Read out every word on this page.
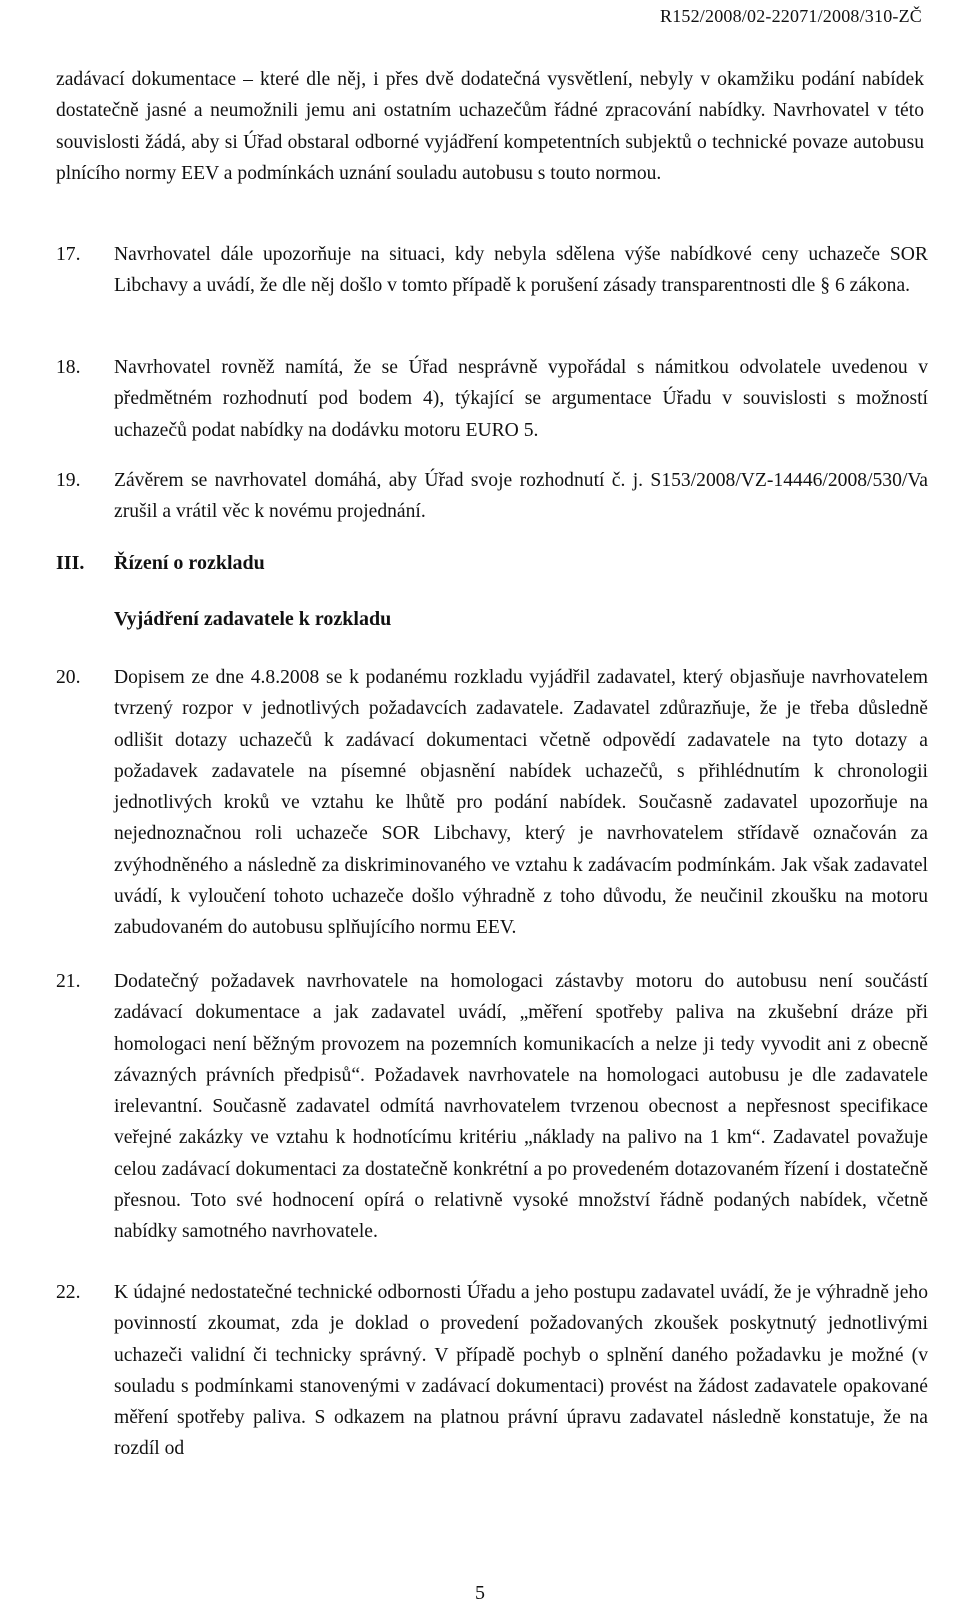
R152/2008/02-22071/2008/310-ZČ
zadávací dokumentace – které dle něj, i přes dvě dodatečná vysvětlení, nebyly v okamžiku podání nabídek dostatečně jasné a neumožnili jemu ani ostatním uchazečům řádné zpracování nabídky. Navrhovatel v této souvislosti žádá, aby si Úřad obstaral odborné vyjádření kompetentních subjektů o technické povaze autobusu plnícího normy EEV a podmínkách uznání souladu autobusu s touto normou.
17. Navrhovatel dále upozorňuje na situaci, kdy nebyla sdělena výše nabídkové ceny uchazeče SOR Libchavy a uvádí, že dle něj došlo v tomto případě k porušení zásady transparentnosti dle § 6 zákona.
18. Navrhovatel rovněž namítá, že se Úřad nesprávně vypořádal s námitkou odvolatele uvedenou v předmětném rozhodnutí pod bodem 4), týkající se argumentace Úřadu v souvislosti s možností uchazečů podat nabídky na dodávku motoru EURO 5.
19. Závěrem se navrhovatel domáhá, aby Úřad svoje rozhodnutí č. j. S153/2008/VZ-14446/2008/530/Va zrušil a vrátil věc k novému projednání.
III. Řízení o rozkladu
Vyjádření zadavatele k rozkladu
20. Dopisem ze dne 4.8.2008 se k podanému rozkladu vyjádřil zadavatel, který objasňuje navrhovatelem tvrzený rozpor v jednotlivých požadavcích zadavatele. Zadavatel zdůrazňuje, že je třeba důsledně odlišit dotazy uchazečů k zadávací dokumentaci včetně odpovědí zadavatele na tyto dotazy a požadavek zadavatele na písemné objasnění nabídek uchazečů, s přihlédnutím k chronologii jednotlivých kroků ve vztahu ke lhůtě pro podání nabídek. Současně zadavatel upozorňuje na nejednoznačnou roli uchazeče SOR Libchavy, který je navrhovatelem střídavě označován za zvýhodněného a následně za diskriminovaného ve vztahu k zadávacím podmínkám. Jak však zadavatel uvádí, k vyloučení tohoto uchazeče došlo výhradně z toho důvodu, že neučinil zkoušku na motoru zabudovaném do autobusu splňujícího normu EEV.
21. Dodatečný požadavek navrhovatele na homologaci zástavby motoru do autobusu není součástí zadávací dokumentace a jak zadavatel uvádí, „měření spotřeby paliva na zkušební dráze při homologaci není běžným provozem na pozemních komunikacích a nelze ji tedy vyvodit ani z obecně závazných právních předpisů“. Požadavek navrhovatele na homologaci autobusu je dle zadavatele irelevantní. Současně zadavatel odmítá navrhovatelem tvrzenou obecnost a nepřesnost specifikace veřejné zakázky ve vztahu k hodnotícímu kritériu „náklady na palivo na 1 km“. Zadavatel považuje celou zadávací dokumentaci za dostatečně konkrétní a po provedeném dotazovaném řízení i dostatečně přesnou. Toto své hodnocení opírá o relativně vysoké množství řádně podaných nabídek, včetně nabídky samotného navrhovatele.
22. K údajné nedostatečné technické odbornosti Úřadu a jeho postupu zadavatel uvádí, že je výhradně jeho povinností zkoumat, zda je doklad o provedení požadovaných zkoušek poskytnutý jednotlivými uchazeči validní či technicky správný. V případě pochyb o splnění daného požadavku je možné (v souladu s podmínkami stanovenými v zadávací dokumentaci) provést na žádost zadavatele opakované měření spotřeby paliva. S odkazem na platnou právní úpravu zadavatel následně konstatuje, že na rozdíl od
5
